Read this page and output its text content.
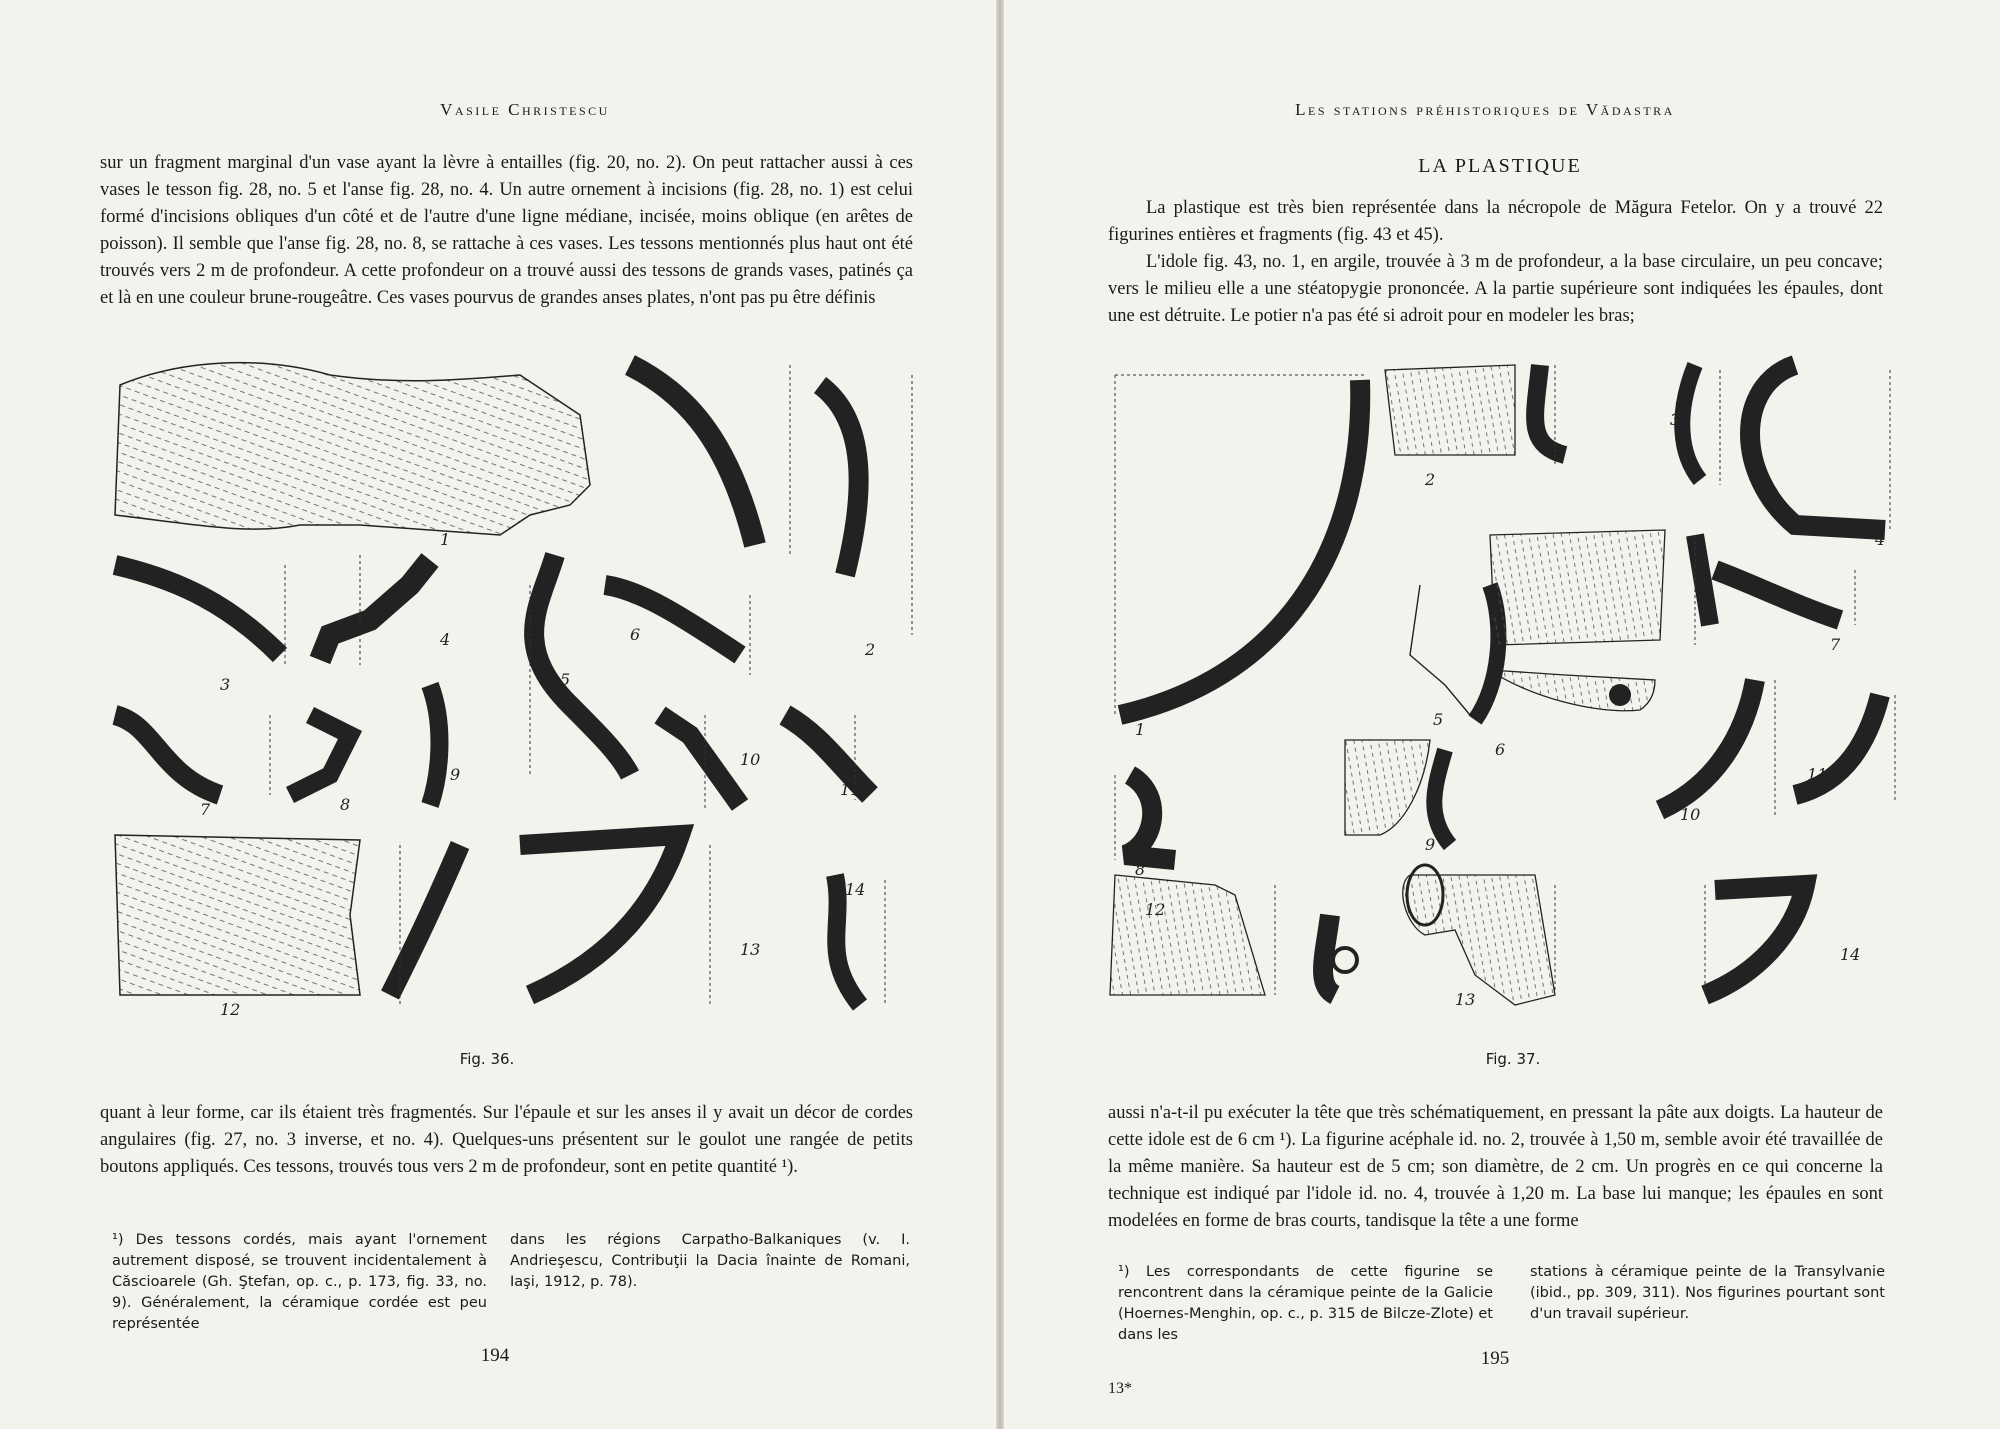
Vasile Christescu

sur un fragment marginal d'un vase ayant la lèvre à entailles (fig. 20, no. 2). On peut rattacher aussi à ces vases le tesson fig. 28, no. 5 et l'anse fig. 28, no. 4. Un autre ornement à incisions (fig. 28, no. 1) est celui formé d'incisions obliques d'un côté et de l'autre d'une ligne médiane, incisée, moins oblique (en arêtes de poisson). Il semble que l'anse fig. 28, no. 8, se rattache à ces vases. Les tessons mentionnés plus haut ont été trouvés vers 2 m de profondeur. A cette profondeur on a trouvé aussi des tessons de grands vases, patinés ça et là en une couleur brune-rougeâtre. Ces vases pourvus de grandes anses plates, n'ont pas pu être définis

1
2
3
4
5
6
7	8
9
10
11
12
13
14
Fig. 36.

quant à leur forme, car ils étaient très fragmentés. Sur l'épaule et sur les anses il y avait un décor de cordes angulaires (fig. 27, no. 3 inverse, et no. 4). Quelques-uns présentent sur le goulot une rangée de petits boutons appliqués. Ces tessons, trouvés tous vers 2 m de profondeur, sont en petite quantité ¹).

¹) Des tessons cordés, mais ayant l'ornement autrement disposé, se trouvent incidentalement à Căscioarele (Gh. Ştefan, op. c., p. 173, fig. 33, no. 9). Généralement, la céramique cordée est peu représentée

dans les régions Carpatho-Balkaniques (v. I. Andrieşescu, Contribuţii la Dacia înainte de Romani, Iaşi, 1912, p. 78).

194
Les stations préhistoriques de Vădastra
LA PLASTIQUE

La plastique est très bien représentée dans la nécropole de Măgura Fetelor. On y a trouvé 22 figurines entières et fragments (fig. 43 et 45).

L'idole fig. 43, no. 1, en argile, trouvée à 3 m de profondeur, a la base circulaire, un peu concave; vers le milieu elle a une stéatopygie prononcée. A la partie supérieure sont indiquées les épaules, dont une est détruite. Le potier n'a pas été si adroit pour en modeler les bras;

1
2
3
4
5
6
7
8
9
10
11
12
13
14
Fig. 37.

aussi n'a-t-il pu exécuter la tête que très schématiquement, en pressant la pâte aux doigts. La hauteur de cette idole est de 6 cm ¹). La figurine acéphale id. no. 2, trouvée à 1,50 m, semble avoir été travaillée de la même manière. Sa hauteur est de 5 cm; son diamètre, de 2 cm. Un progrès en ce qui concerne la technique est indiqué par l'idole id. no. 4, trouvée à 1,20 m. La base lui manque; les épaules en sont modelées en forme de bras courts, tandisque la tête a une forme

¹) Les correspondants de cette figurine se rencontrent dans la céramique peinte de la Galicie (Hoernes-Menghin, op. c., p. 315 de Bilcze-Zlote) et dans les

stations à céramique peinte de la Transylvanie (ibid., pp. 309, 311). Nos figurines pourtant sont d'un travail supérieur.

195
13*
